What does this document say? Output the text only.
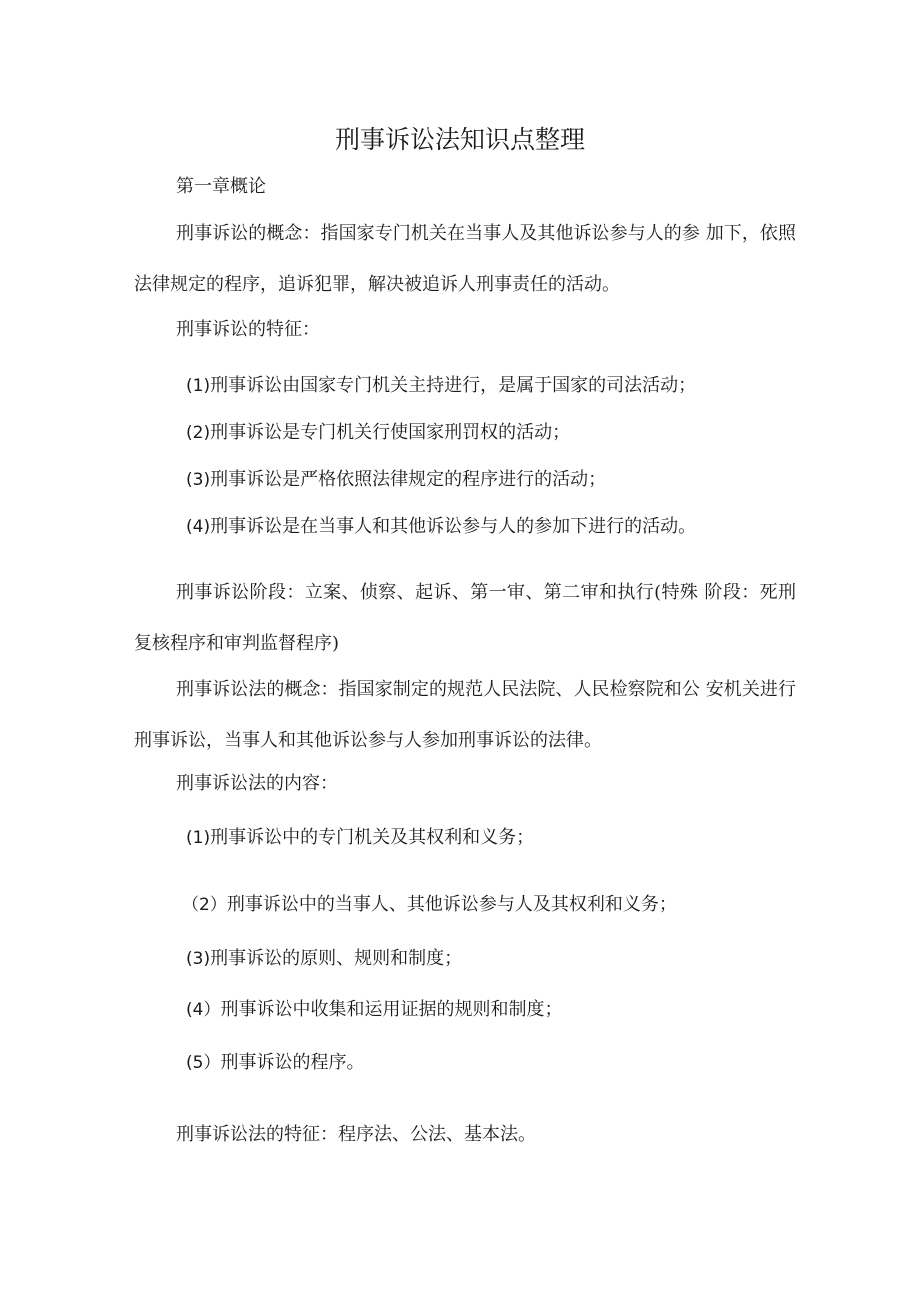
刑事诉讼法知识点整理

第一章概论

刑事诉讼的概念：指国家专门机关在当事人及其他诉讼参与人的参 加下，依照法律规定的程序，追诉犯罪，解决被追诉人刑事责任的活动。

刑事诉讼的特征：

(1)刑事诉讼由国家专门机关主持进行，是属于国家的司法活动；

(2)刑事诉讼是专门机关行使国家刑罚权的活动；

(3)刑事诉讼是严格依照法律规定的程序进行的活动；

(4)刑事诉讼是在当事人和其他诉讼参与人的参加下进行的活动。

刑事诉讼阶段：立案、侦察、起诉、第一审、第二审和执行(特殊 阶段：死刑复核程序和审判监督程序)

刑事诉讼法的概念：指国家制定的规范人民法院、人民检察院和公 安机关进行刑事诉讼，当事人和其他诉讼参与人参加刑事诉讼的法律。

刑事诉讼法的内容：

(1)刑事诉讼中的专门机关及其权利和义务；

（2）刑事诉讼中的当事人、其他诉讼参与人及其权利和义务；

(3)刑事诉讼的原则、规则和制度；

(4）刑事诉讼中收集和运用证据的规则和制度；

(5）刑事诉讼的程序。

刑事诉讼法的特征：程序法、公法、基本法。
